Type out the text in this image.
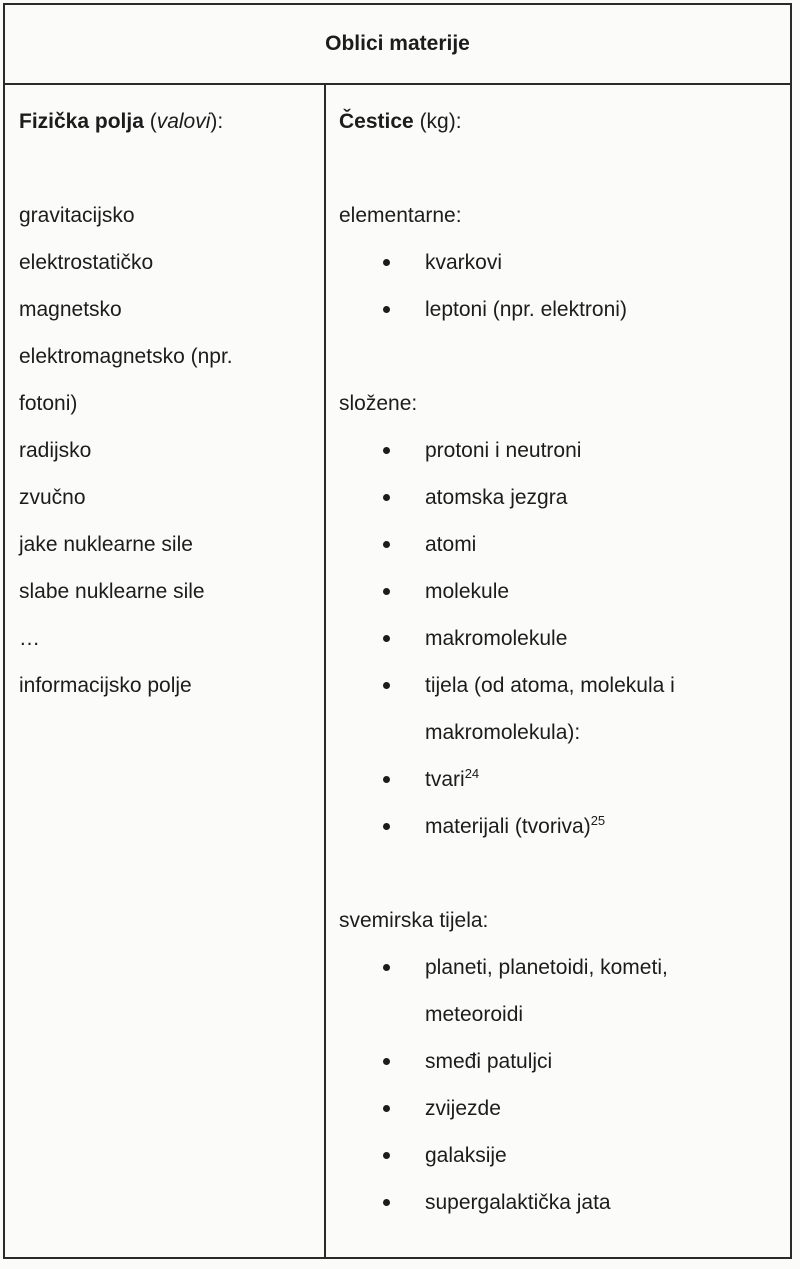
Oblici materije
Fizička polja (valovi):
gravitacijsko
elektrostatičko
magnetsko
elektromagnetsko (npr.
fotoni)
radijsko
zvučno
jake nuklearne sile
slabe nuklearne sile
…
informacijsko polje
Čestice (kg):
elementarne:
kvarkovi
leptoni (npr. elektroni)
složene:
protoni i neutroni
atomska jezgra
atomi
molekule
makromolekule
tijela (od atoma, molekula i
makromolekula):
tvari$^{24}$
materijali (tvoriva)$^{25}$
svemirska tijela:
planeti, planetoidi, kometi,
meteoroidi
smeđi patuljci
zvijezde
galaksije
supergalaktička jata
